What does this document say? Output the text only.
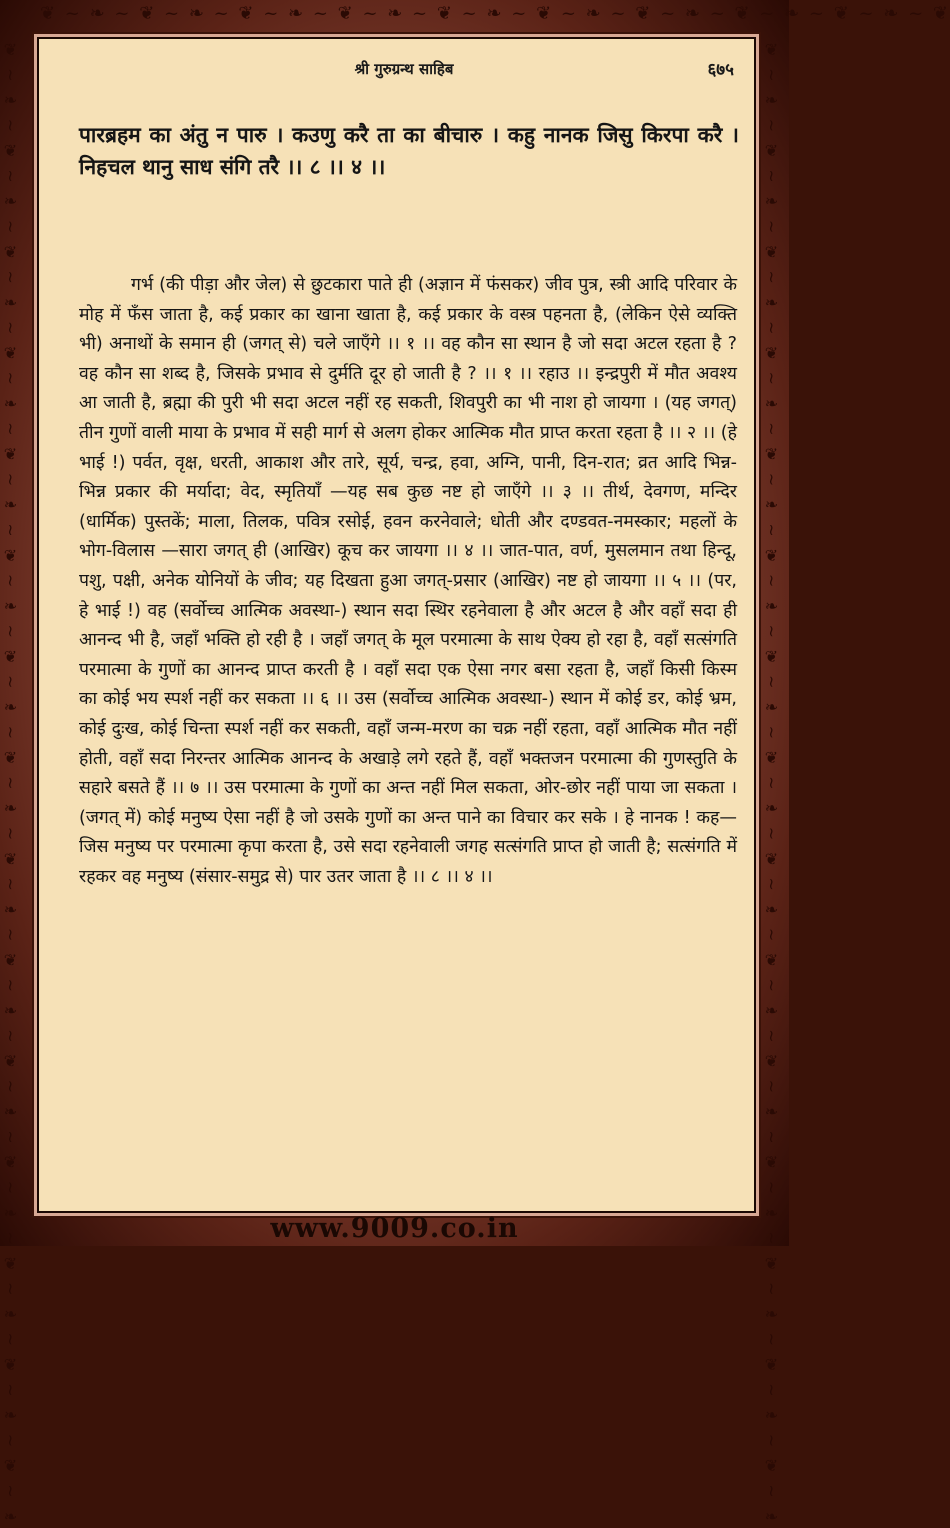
❦ ~ ❧ ~ ❦ ~ ❧ ~ ❦ ~ ❧ ~ ❦ ~ ❧ ~ ❦ ~ ❧ ~ ❦ ~ ❧ ~ ❦ ~ ❧ ~ ❦ ~ ❧ ~ ❦ ~ ❧ ~ ❦
❦ ~ ❧ ~ ❦ ~ ❧ ~ ❦ ~ ❧ ~ ❦ ~ ❧ ~ ❦ ~ ❧ ~ ❦ ~ ❧ ~ ❦ ~ ❧ ~ ❦ ~ ❧ ~ ❦ ~ ❧ ~ ❦ ~ ❧ ~ ❦ ~ ❧ ~ ❦ ~ ❧ ~ ❦ ~ ❧ ~ ❦ ~ ❧ ~ ❦ ~ ❧	❦ ~ ❧ ~ ❦ ~ ❧ ~ ❦ ~ ❧ ~ ❦ ~ ❧ ~ ❦ ~ ❧ ~ ❦ ~ ❧ ~ ❦ ~ ❧ ~ ❦ ~ ❧ ~ ❦ ~ ❧ ~ ❦ ~ ❧ ~ ❦ ~ ❧ ~ ❦ ~ ❧ ~ ❦ ~ ❧ ~ ❦ ~ ❧ ~ ❦ ~ ❧
श्री गुरुग्रन्थ साहिब	६७५

पारब्रहम का अंतु न पारु । कउणु करै ता का बीचारु । कहु नानक जिसु किरपा करै । निहचल थानु साध संगि तरै ।। ८ ।। ४ ।।

गर्भ (की पीड़ा और जेल) से छुटकारा पाते ही (अज्ञान में फंसकर) जीव पुत्र, स्त्री आदि परिवार के मोह में फँस जाता है, कई प्रकार का खाना खाता है, कई प्रकार के वस्त्र पहनता है, (लेकिन ऐसे व्यक्ति भी) अनाथों के समान ही (जगत् से) चले जाएँगे ।। १ ।। वह कौन सा स्थान है जो सदा अटल रहता है ? वह कौन सा शब्द है, जिसके प्रभाव से दुर्मति दूर हो जाती है ? ।। १ ।। रहाउ ।। इन्द्रपुरी में मौत अवश्य आ जाती है, ब्रह्मा की पुरी भी सदा अटल नहीं रह सकती, शिवपुरी का भी नाश हो जायगा । (यह जगत्) तीन गुणों वाली माया के प्रभाव में सही मार्ग से अलग होकर आत्मिक मौत प्राप्त करता रहता है ।। २ ।। (हे भाई !) पर्वत, वृक्ष, धरती, आकाश और तारे, सूर्य, चन्द्र, हवा, अग्नि, पानी, दिन-रात; व्रत आदि भिन्न-भिन्न प्रकार की मर्यादा; वेद, स्मृतियाँ —यह सब कुछ नष्ट हो जाएँगे ।। ३ ।। तीर्थ, देवगण, मन्दिर (धार्मिक) पुस्तकें; माला, तिलक, पवित्र रसोई, हवन करनेवाले; धोती और दण्डवत-नमस्कार; महलों के भोग-विलास —सारा जगत् ही (आखिर) कूच कर जायगा ।। ४ ।। जात-पात, वर्ण, मुसलमान तथा हिन्दू, पशु, पक्षी, अनेक योनियों के जीव; यह दिखता हुआ जगत्-प्रसार (आखिर) नष्ट हो जायगा ।। ५ ।। (पर, हे भाई !) वह (सर्वोच्च आत्मिक अवस्था-) स्थान सदा स्थिर रहनेवाला है और अटल है और वहाँ सदा ही आनन्द भी है, जहाँ भक्ति हो रही है । जहाँ जगत् के मूल परमात्मा के साथ ऐक्य हो रहा है, वहाँ सत्संगति परमात्मा के गुणों का आनन्द प्राप्त करती है । वहाँ सदा एक ऐसा नगर बसा रहता है, जहाँ किसी किस्म का कोई भय स्पर्श नहीं कर सकता ।। ६ ।। उस (सर्वोच्च आत्मिक अवस्था-) स्थान में कोई डर, कोई भ्रम, कोई दुःख, कोई चिन्ता स्पर्श नहीं कर सकती, वहाँ जन्म-मरण का चक्र नहीं रहता, वहाँ आत्मिक मौत नहीं होती, वहाँ सदा निरन्तर आत्मिक आनन्द के अखाड़े लगे रहते हैं, वहाँ भक्तजन परमात्मा की गुणस्तुति के सहारे बसते हैं ।। ७ ।। उस परमात्मा के गुणों का अन्त नहीं मिल सकता, ओर-छोर नहीं पाया जा सकता । (जगत् में) कोई मनुष्य ऐसा नहीं है जो उसके गुणों का अन्त पाने का विचार कर सके । हे नानक ! कह— जिस मनुष्य पर परमात्मा कृपा करता है, उसे सदा रहनेवाली जगह सत्संगति प्राप्त हो जाती है; सत्संगति में रहकर वह मनुष्य (संसार-समुद्र से) पार उतर जाता है ।। ८ ।। ४ ।।

www.9009.co.in
